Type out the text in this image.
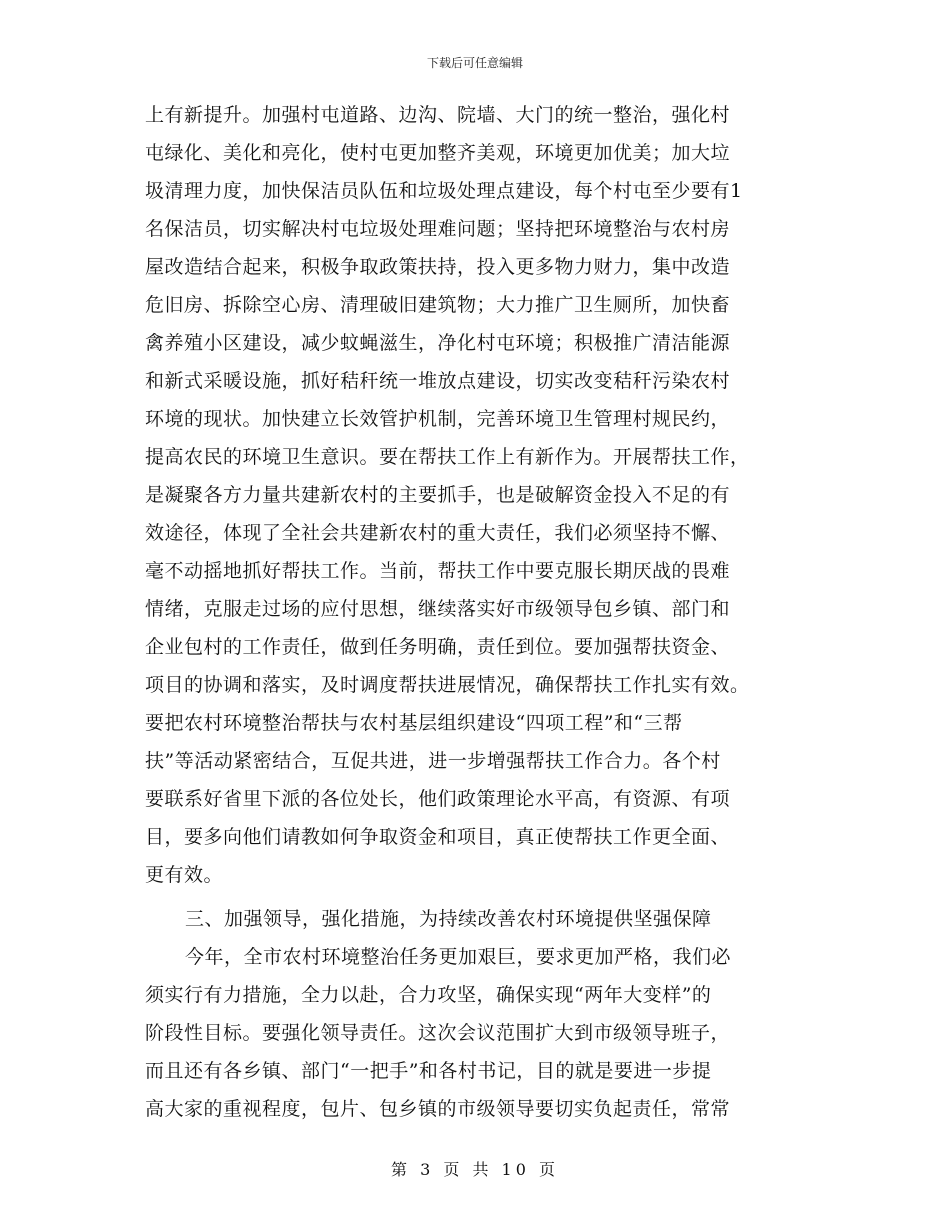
下载后可任意编辑
上有新提升。加强村屯道路、边沟、院墙、大门的统一整治，强化村
屯绿化、美化和亮化，使村屯更加整齐美观，环境更加优美；加大垃
圾清理力度，加快保洁员队伍和垃圾处理点建设，每个村屯至少要有1
名保洁员，切实解决村屯垃圾处理难问题；坚持把环境整治与农村房
屋改造结合起来，积极争取政策扶持，投入更多物力财力，集中改造
危旧房、拆除空心房、清理破旧建筑物；大力推广卫生厕所，加快畜
禽养殖小区建设，减少蚊蝇滋生，净化村屯环境；积极推广清洁能源
和新式采暖设施，抓好秸秆统一堆放点建设，切实改变秸秆污染农村
环境的现状。加快建立长效管护机制，完善环境卫生管理村规民约，
提高农民的环境卫生意识。要在帮扶工作上有新作为。开展帮扶工作，
是凝聚各方力量共建新农村的主要抓手，也是破解资金投入不足的有
效途径，体现了全社会共建新农村的重大责任，我们必须坚持不懈、
毫不动摇地抓好帮扶工作。当前，帮扶工作中要克服长期厌战的畏难
情绪，克服走过场的应付思想，继续落实好市级领导包乡镇、部门和
企业包村的工作责任，做到任务明确，责任到位。要加强帮扶资金、
项目的协调和落实，及时调度帮扶进展情况，确保帮扶工作扎实有效。
要把农村环境整治帮扶与农村基层组织建设“四项工程”和“三帮
扶”等活动紧密结合，互促共进，进一步增强帮扶工作合力。各个村
要联系好省里下派的各位处长，他们政策理论水平高，有资源、有项
目，要多向他们请教如何争取资金和项目，真正使帮扶工作更全面、
更有效。
三、加强领导，强化措施，为持续改善农村环境提供坚强保障
今年，全市农村环境整治任务更加艰巨，要求更加严格，我们必
须实行有力措施，全力以赴，合力攻坚，确保实现“两年大变样”的
阶段性目标。要强化领导责任。这次会议范围扩大到市级领导班子，
而且还有各乡镇、部门“一把手”和各村书记，目的就是要进一步提
高大家的重视程度，包片、包乡镇的市级领导要切实负起责任，常常
第 3 页 共 10 页
